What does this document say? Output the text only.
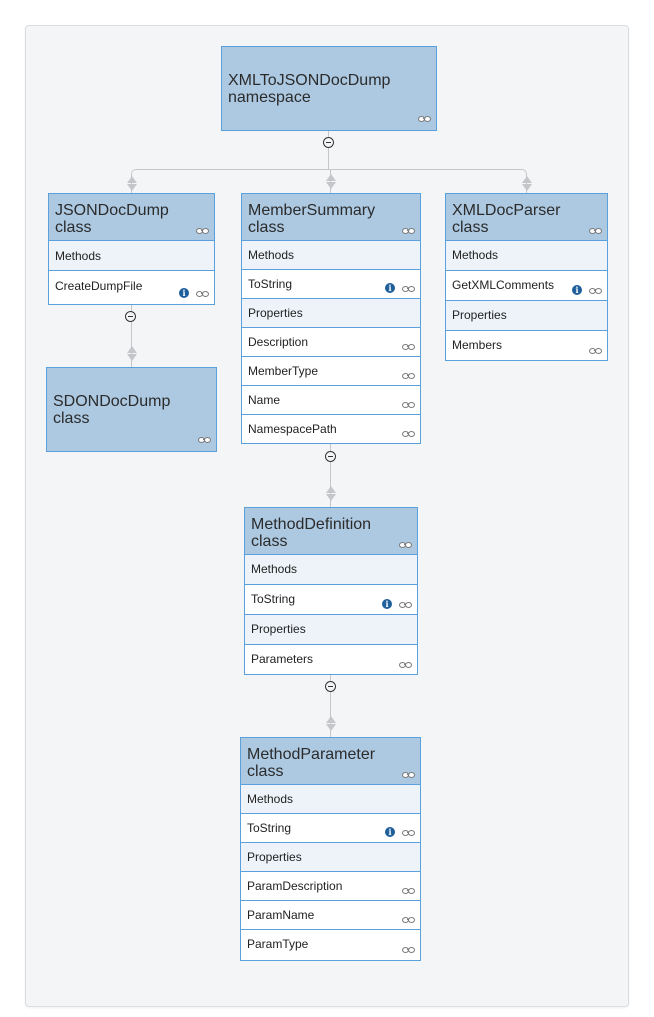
XMLToJSONDocDump
namespace
JSONDocDump
class
Methods
CreateDumpFile	i
SDONDocDump
class
MemberSummary
class
Methods
ToString	i
Properties
Description
MemberType
Name
NamespacePath
XMLDocParser
class
Methods
GetXMLComments	i
Properties
Members
MethodDefinition
class
Methods
ToString	i
Properties
Parameters
MethodParameter
class
Methods
ToString	i
Properties
ParamDescription
ParamName
ParamType
